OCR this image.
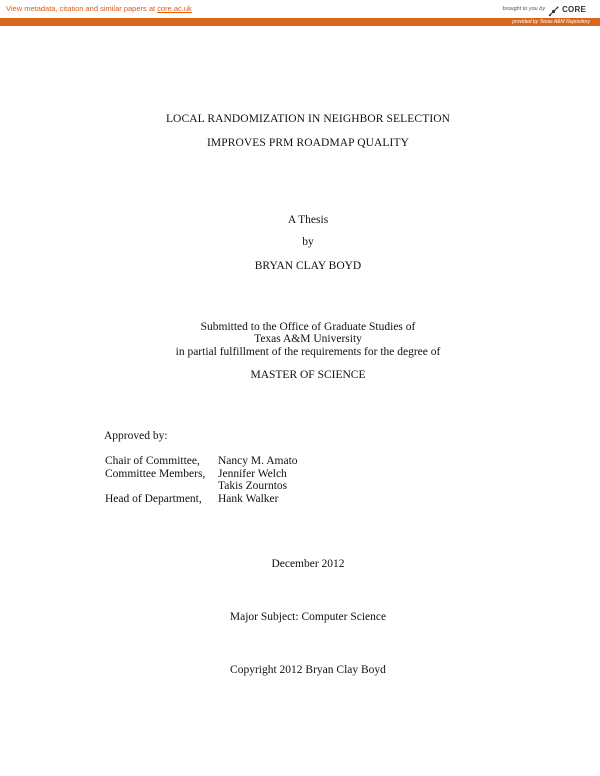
View metadata, citation and similar papers at core.ac.uk	brought to you by CORE
provided by Texas A&M Repository
LOCAL RANDOMIZATION IN NEIGHBOR SELECTION
IMPROVES PRM ROADMAP QUALITY
A Thesis
by
BRYAN CLAY BOYD
Submitted to the Office of Graduate Studies of
Texas A&M University
in partial fulfillment of the requirements for the degree of
MASTER OF SCIENCE
Approved by:
Chair of Committee, Nancy M. Amato
Committee Members, Jennifer Welch
Takis Zourntos
Head of Department, Hank Walker
December 2012
Major Subject: Computer Science
Copyright 2012 Bryan Clay Boyd
